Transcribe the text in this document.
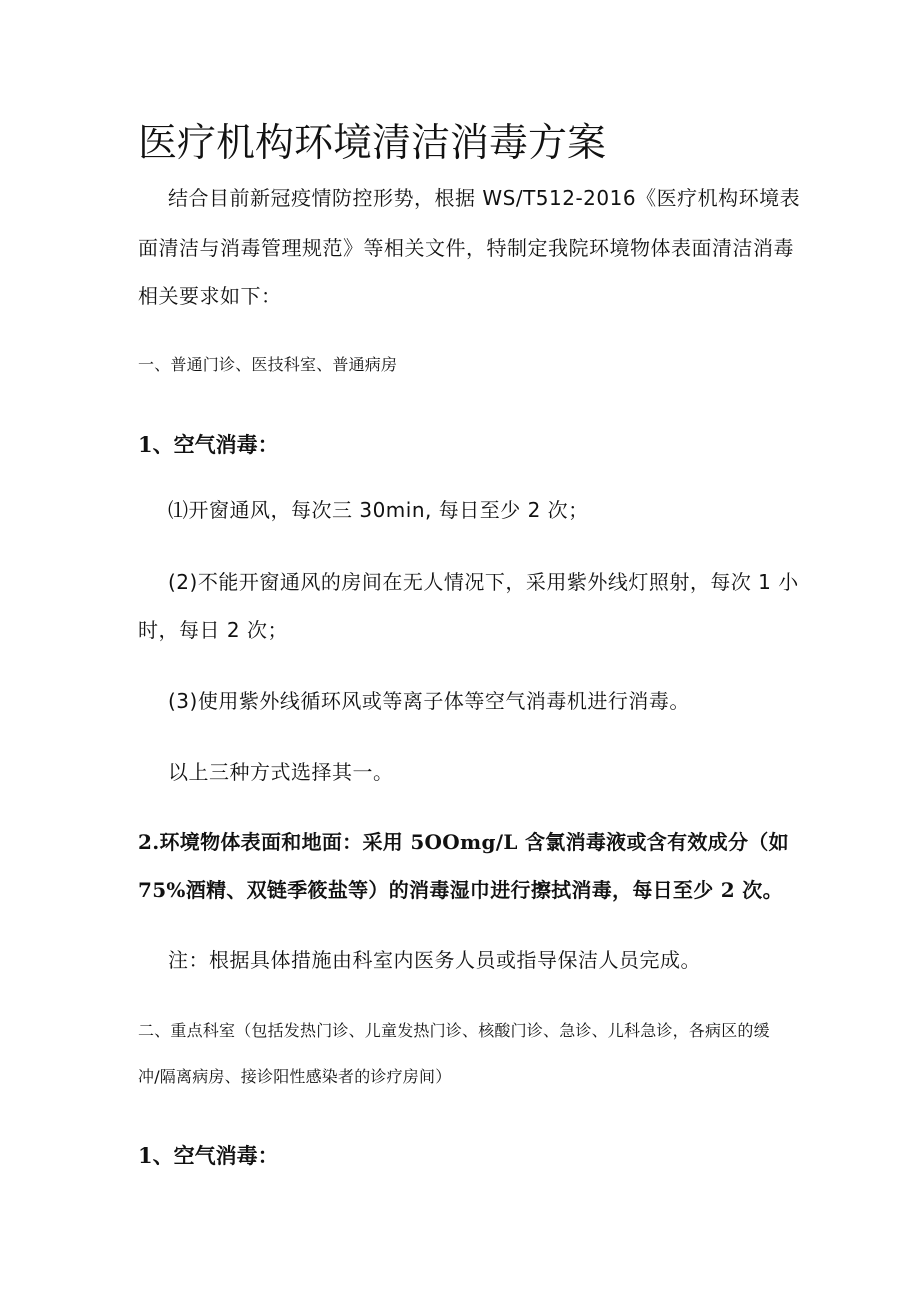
医疗机构环境清洁消毒方案

结合目前新冠疫情防控形势，根据 WS/T512-2016《医疗机构环境表

面清洁与消毒管理规范》等相关文件，特制定我院环境物体表面清洁消毒

相关要求如下：

一、普通门诊、医技科室、普通病房

1、空气消毒：

⑴开窗通风，每次三 30min, 每日至少 2 次；

(2)不能开窗通风的房间在无人情况下，采用紫外线灯照射，每次 1 小

时，每日 2 次；

(3)使用紫外线循环风或等离子体等空气消毒机进行消毒。

以上三种方式选择其一。

2.环境物体表面和地面：采用 5OOmg/L 含氯消毒液或含有效成分（如

75%酒精、双链季筱盐等）的消毒湿巾进行擦拭消毒，每日至少 2 次。

注：根据具体措施由科室内医务人员或指导保洁人员完成。

二、重点科室（包括发热门诊、儿童发热门诊、核酸门诊、急诊、儿科急诊，各病区的缓

冲/隔离病房、接诊阳性感染者的诊疗房间）

1、空气消毒：
